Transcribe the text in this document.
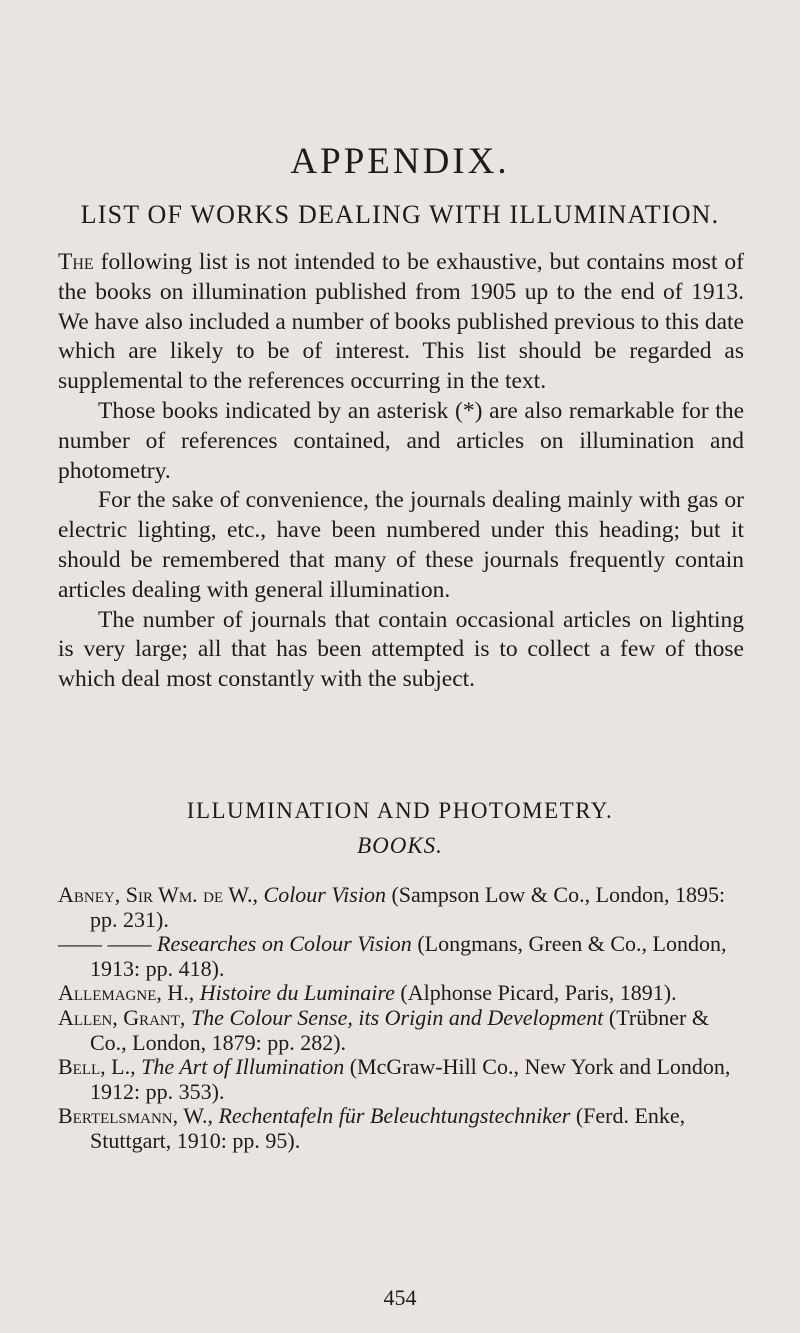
APPENDIX.
LIST OF WORKS DEALING WITH ILLUMINATION.

The following list is not intended to be exhaustive, but contains most of the books on illumination published from 1905 up to the end of 1913. We have also included a number of books published previous to this date which are likely to be of interest. This list should be regarded as supplemental to the references occurring in the text.

Those books indicated by an asterisk (*) are also remarkable for the number of references contained, and articles on illumination and photometry.

For the sake of convenience, the journals dealing mainly with gas or electric lighting, etc., have been numbered under this heading; but it should be remembered that many of these journals frequently contain articles dealing with general illumination.

The number of journals that contain occasional articles on lighting is very large; all that has been attempted is to collect a few of those which deal most constantly with the subject.

ILLUMINATION AND PHOTOMETRY.
BOOKS.

Abney, Sir Wm. de W., Colour Vision (Sampson Low & Co., London, 1895: pp. 231).

—— —— Researches on Colour Vision (Longmans, Green & Co., London, 1913: pp. 418).

Allemagne, H., Histoire du Luminaire (Alphonse Picard, Paris, 1891).

Allen, Grant, The Colour Sense, its Origin and Development (Trübner & Co., London, 1879: pp. 282).

Bell, L., The Art of Illumination (McGraw-Hill Co., New York and London, 1912: pp. 353).

Bertelsmann, W., Rechentafeln für Beleuchtungstechniker (Ferd. Enke, Stuttgart, 1910: pp. 95).

454
